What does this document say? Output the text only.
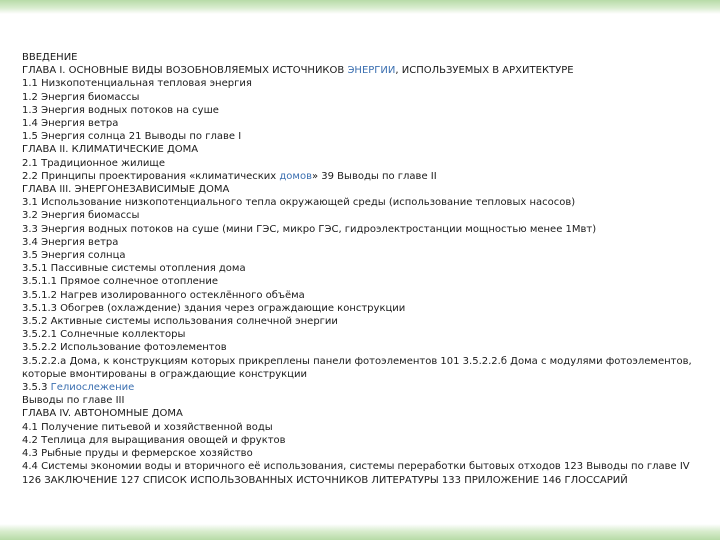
ВВЕДЕНИЕ
ГЛАВА I. ОСНОВНЫЕ ВИДЫ ВОЗОБНОВЛЯЕМЫХ ИСТОЧНИКОВ ЭНЕРГИИ, ИСПОЛЬЗУЕМЫХ В АРХИТЕКТУРЕ
1.1 Низкопотенциальная тепловая энергия
1.2 Энергия биомассы
1.3 Энергия водных потоков на суше
1.4 Энергия ветра
1.5 Энергия солнца 21 Выводы по главе I
ГЛАВА II. КЛИМАТИЧЕСКИЕ ДОМА
2.1 Традиционное жилище
2.2 Принципы проектирования «климатических домов» 39 Выводы по главе II
ГЛАВА III. ЭНЕРГОНЕЗАВИСИМЫЕ ДОМА
3.1 Использование низкопотенциального тепла окружающей среды (использование тепловых насосов)
3.2 Энергия биомассы
3.3 Энергия водных потоков на суше (мини ГЭС, микро ГЭС, гидроэлектростанции мощностью менее 1Мвт)
3.4 Энергия ветра
3.5 Энергия солнца
3.5.1 Пассивные системы отопления дома
3.5.1.1 Прямое солнечное отопление
3.5.1.2 Нагрев изолированного остеклённого объёма
3.5.1.3 Обогрев (охлаждение) здания через ограждающие конструкции
3.5.2 Активные системы использования солнечной энергии
3.5.2.1 Солнечные коллекторы
3.5.2.2 Использование фотоэлементов
3.5.2.2.а Дома, к конструкциям которых прикреплены панели фотоэлементов 101 3.5.2.2.б Дома с модулями фотоэлементов, которые вмонтированы в ограждающие конструкции
3.5.3 Гелиослежение
Выводы по главе III
ГЛАВА IV. АВТОНОМНЫЕ ДОМА
4.1 Получение питьевой и хозяйственной воды
4.2 Теплица для выращивания овощей и фруктов
4.3 Рыбные пруды и фермерское хозяйство
4.4 Системы экономии воды и вторичного её использования, системы переработки бытовых отходов 123 Выводы по главе IV 126 ЗАКЛЮЧЕНИЕ 127 СПИСОК ИСПОЛЬЗОВАННЫХ ИСТОЧНИКОВ ЛИТЕРАТУРЫ 133 ПРИЛОЖЕНИЕ 146 ГЛОССАРИЙ
